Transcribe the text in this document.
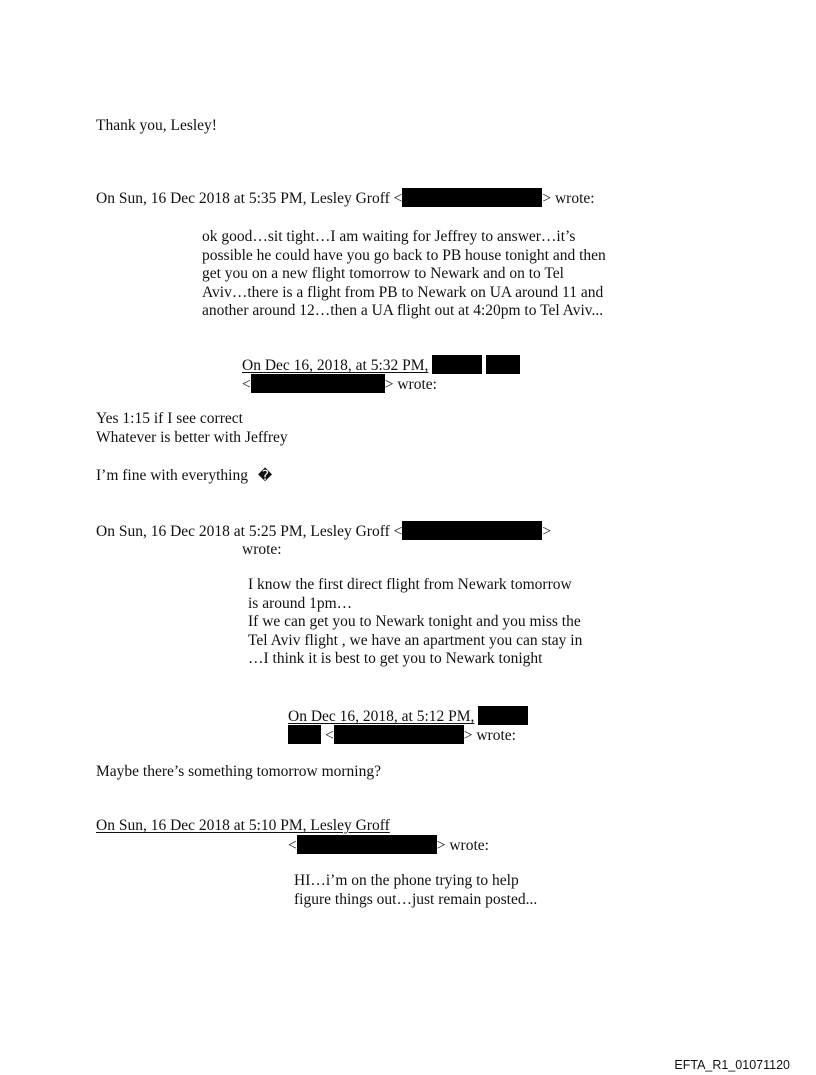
Thank you, Lesley!
On Sun, 16 Dec 2018 at 5:35 PM, Lesley Groff <	> wrote:
ok good…sit tight…I am waiting for Jeffrey to answer…it’s
possible he could have you go back to PB house tonight and then
get you on a new flight tomorrow to Newark and on to Tel
Aviv…there is a flight from PB to Newark on UA around 11 and
another around 12…then a UA flight out at 4:20pm to Tel Aviv...
On Dec 16, 2018, at 5:32 PM,
<	> wrote:
Yes 1:15 if I see correct
Whatever is better with Jeffrey
I’m fine with everything �
On Sun, 16 Dec 2018 at 5:25 PM, Lesley Groff <	>
wrote:
I know the first direct flight from Newark tomorrow
is around 1pm…
If we can get you to Newark tonight and you miss the
Tel Aviv flight , we have an apartment you can stay in
…I think it is best to get you to Newark tonight
On Dec 16, 2018, at 5:12 PM,
<	> wrote:
Maybe there’s something tomorrow morning?
On Sun, 16 Dec 2018 at 5:10 PM, Lesley Groff
<	> wrote:
HI…i’m on the phone trying to help
figure things out…just remain posted...
EFTA_R1_01071120
